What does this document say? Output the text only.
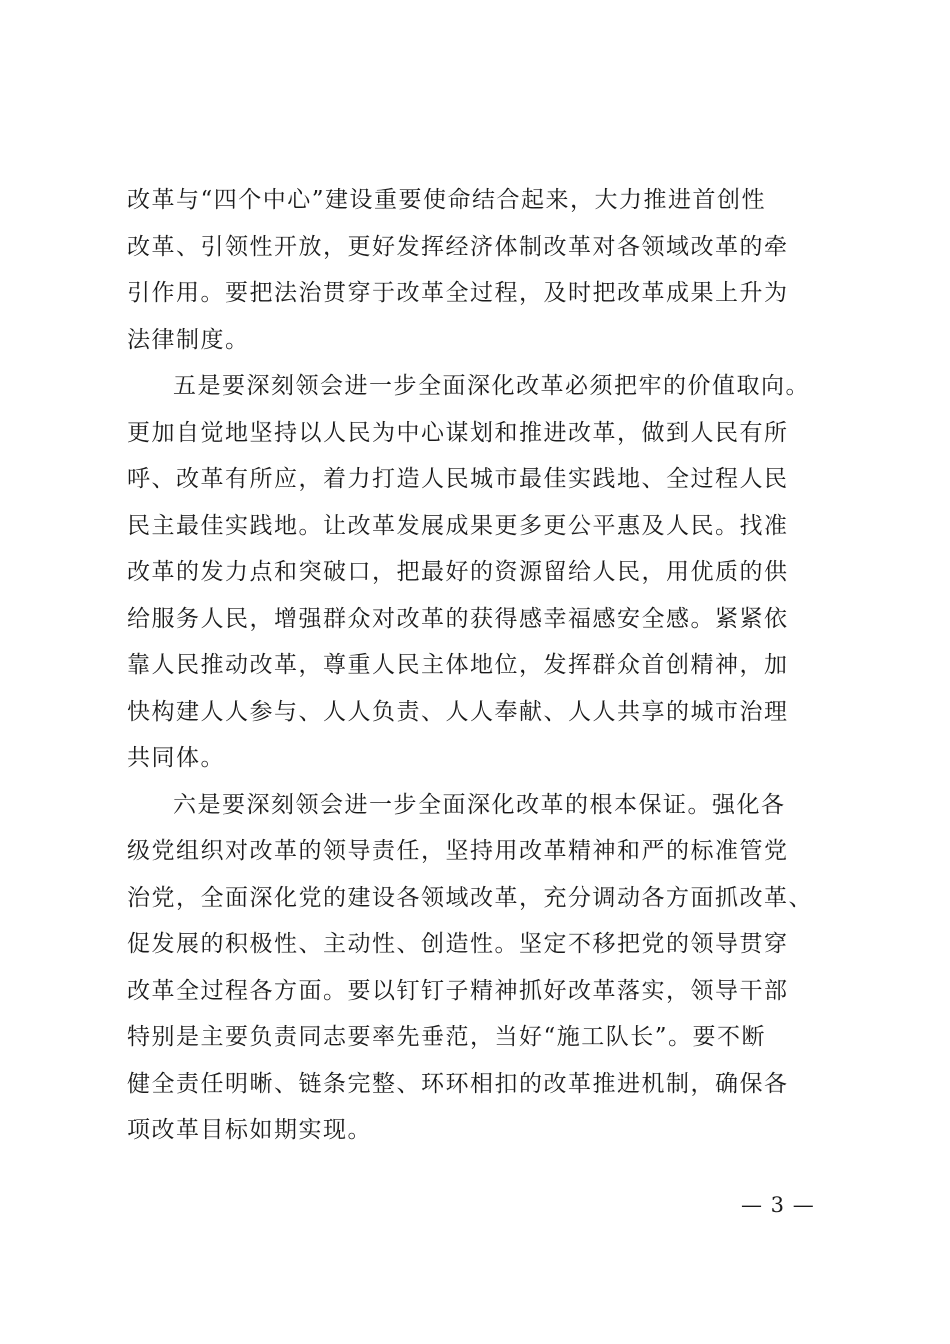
改革与“四个中心”建设重要使命结合起来，大力推进首创性
改革、引领性开放，更好发挥经济体制改革对各领域改革的牵
引作用。要把法治贯穿于改革全过程，及时把改革成果上升为
法律制度。
五是要深刻领会进一步全面深化改革必须把牢的价值取向。
更加自觉地坚持以人民为中心谋划和推进改革，做到人民有所
呼、改革有所应，着力打造人民城市最佳实践地、全过程人民
民主最佳实践地。让改革发展成果更多更公平惠及人民。找准
改革的发力点和突破口，把最好的资源留给人民，用优质的供
给服务人民，增强群众对改革的获得感幸福感安全感。紧紧依
靠人民推动改革，尊重人民主体地位，发挥群众首创精神，加
快构建人人参与、人人负责、人人奉献、人人共享的城市治理
共同体。
六是要深刻领会进一步全面深化改革的根本保证。强化各
级党组织对改革的领导责任，坚持用改革精神和严的标准管党
治党，全面深化党的建设各领域改革，充分调动各方面抓改革、
促发展的积极性、主动性、创造性。坚定不移把党的领导贯穿
改革全过程各方面。要以钉钉子精神抓好改革落实，领导干部
特别是主要负责同志要率先垂范，当好“施工队长”。要不断
健全责任明晰、链条完整、环环相扣的改革推进机制，确保各
项改革目标如期实现。
— 3 —
